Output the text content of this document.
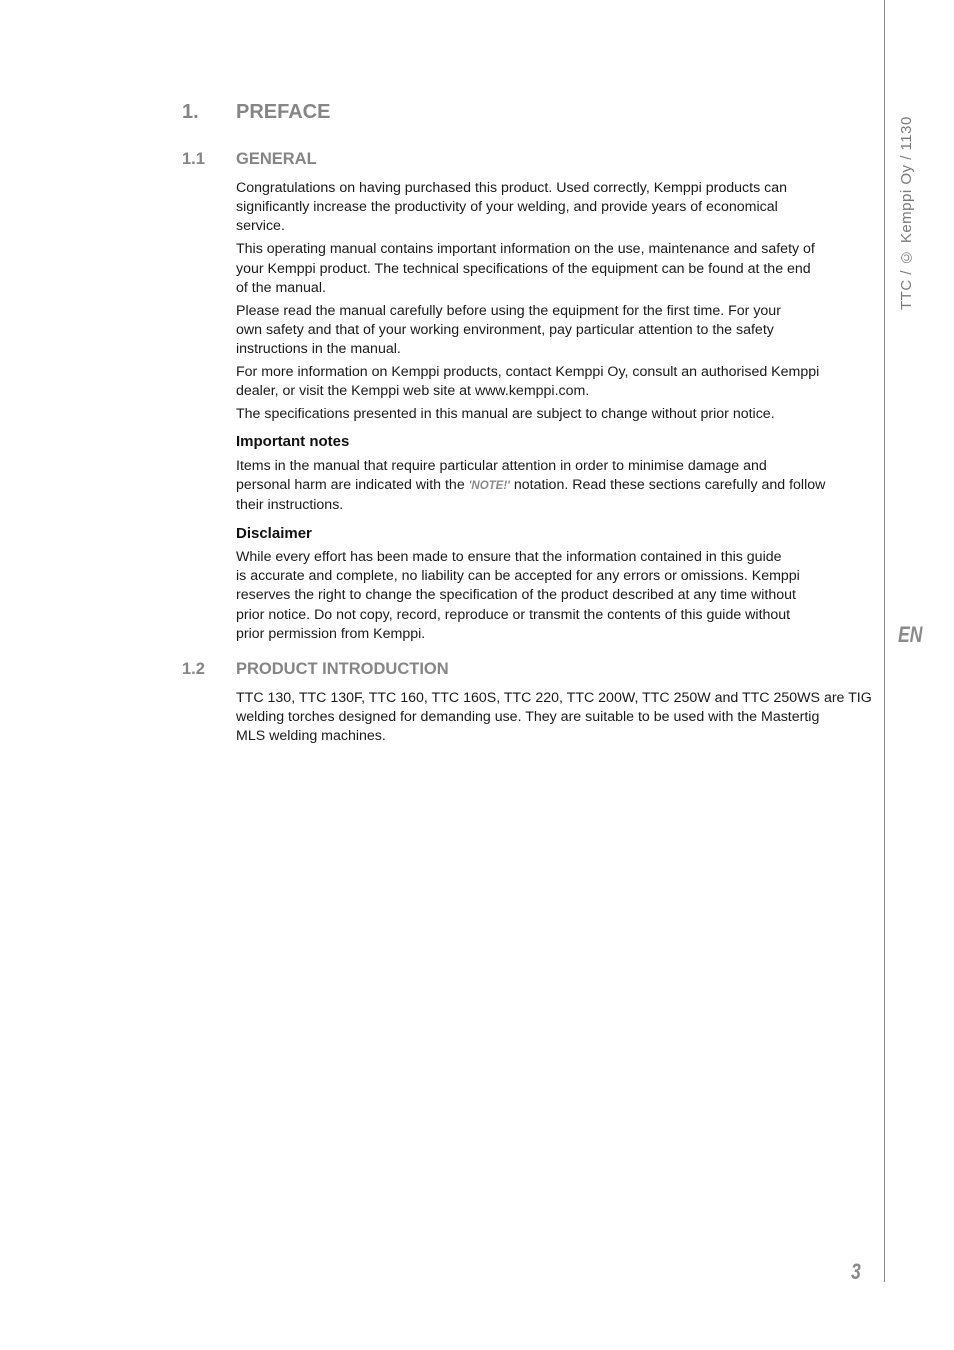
TTC / © Kemppi Oy / 1130
EN
3
1. PREFACE
1.1 GENERAL

Congratulations on having purchased this product. Used correctly, Kemppi products can
significantly increase the productivity of your welding, and provide years of economical
service.

This operating manual contains important information on the use, maintenance and safety of
your Kemppi product. The technical specifications of the equipment can be found at the end
of the manual.

Please read the manual carefully before using the equipment for the first time. For your
own safety and that of your working environment, pay particular attention to the safety
instructions in the manual.

For more information on Kemppi products, contact Kemppi Oy, consult an authorised Kemppi
dealer, or visit the Kemppi web site at www.kemppi.com.

The specifications presented in this manual are subject to change without prior notice.

Important notes

Items in the manual that require particular attention in order to minimise damage and
personal harm are indicated with the 'NOTE!' notation. Read these sections carefully and follow
their instructions.

Disclaimer

While every effort has been made to ensure that the information contained in this guide
is accurate and complete, no liability can be accepted for any errors or omissions. Kemppi
reserves the right to change the specification of the product described at any time without
prior notice. Do not copy, record, reproduce or transmit the contents of this guide without
prior permission from Kemppi.

1.2 PRODUCT INTRODUCTION

TTC 130, TTC 130F, TTC 160, TTC 160S, TTC 220, TTC 200W, TTC 250W and TTC 250WS are TIG
welding torches designed for demanding use. They are suitable to be used with the Mastertig
MLS welding machines.
